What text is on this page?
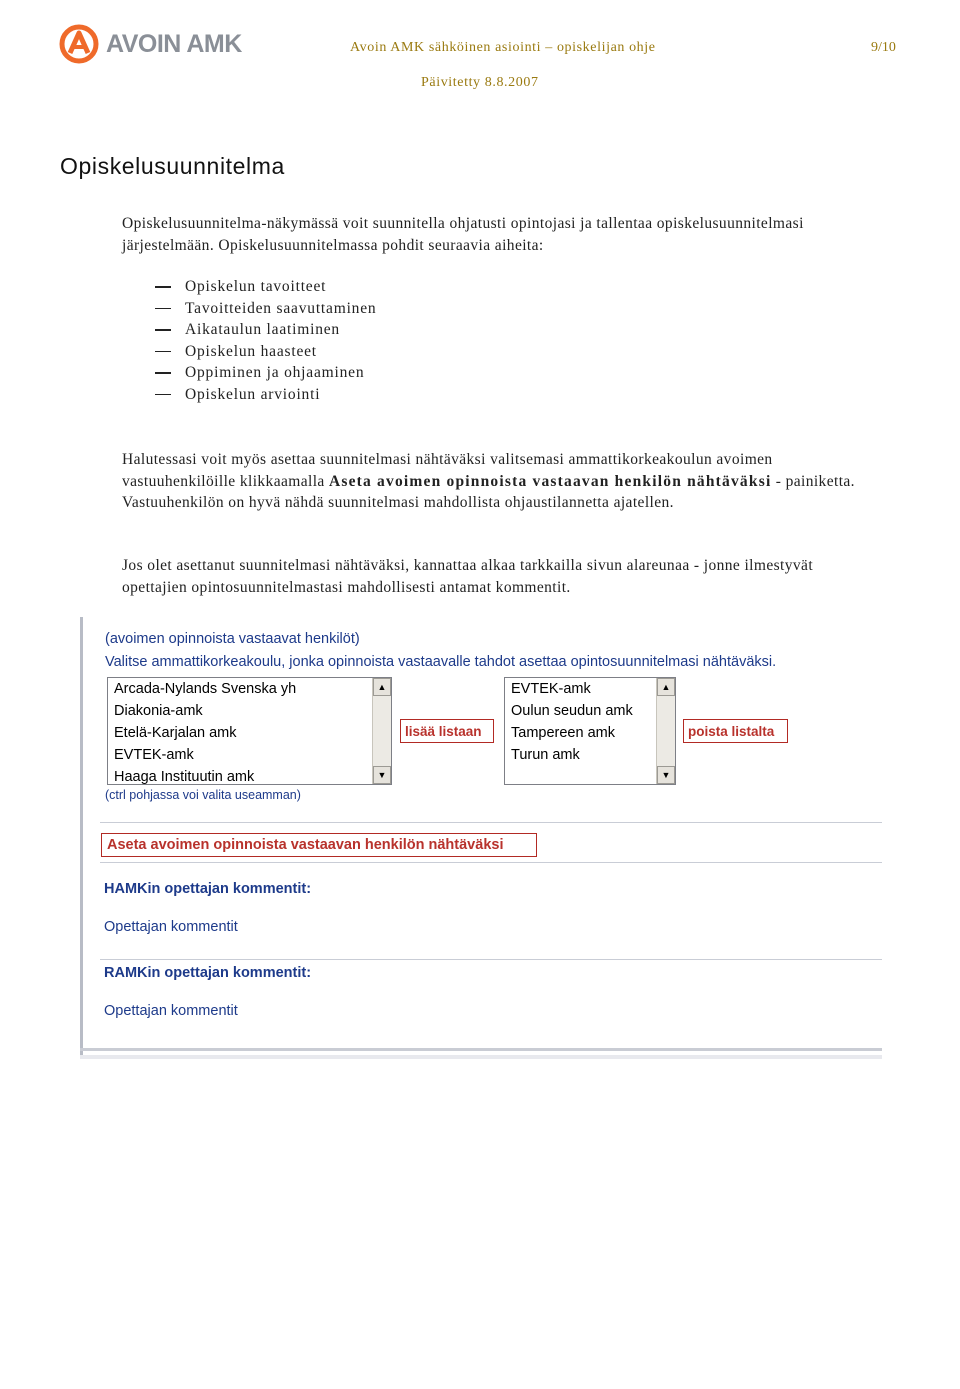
AVOIN AMK	Avoin AMK sähköinen asiointi – opiskelijan ohje	9/10
Päivitetty 8.8.2007
Opiskelusuunnitelma
Opiskelusuunnitelma-näkymässä voit suunnitella ohjatusti opintojasi ja tallentaa opiskelusuunnitelmasi järjestelmään. Opiskelusuunnitelmassa pohdit seuraavia aiheita:
Opiskelun tavoitteet
Tavoitteiden saavuttaminen
Aikataulun laatiminen
Opiskelun haasteet
Oppiminen ja ohjaaminen
Opiskelun arviointi
Halutessasi voit myös asettaa suunnitelmasi nähtäväksi valitsemasi ammattikorkeakoulun avoimen vastuuhenkilöille klikkaamalla Aseta avoimen opinnoista vastaavan henkilön nähtäväksi - painiketta. Vastuuhenkilön on hyvä nähdä suunnitelmasi mahdollista ohjaustilannetta ajatellen.
Jos olet asettanut suunnitelmasi nähtäväksi, kannattaa alkaa tarkkailla sivun alareunaa - jonne ilmestyvät opettajien opintosuunnitelmastasi mahdollisesti antamat kommentit.
(avoimen opinnoista vastaavat henkilöt)
Valitse ammattikorkeakoulu, jonka opinnoista vastaavalle tahdot asettaa opintosuunnitelmasi nähtäväksi.
Arcada-Nylands Svenska yh
Diakonia-amk
Etelä-Karjalan amk
EVTEK-amk
Haaga Instituutin amk
▲
▼
lisää listaan
EVTEK-amk
Oulun seudun amk
Tampereen amk
Turun amk
▲
▼
poista listalta
(ctrl pohjassa voi valita useamman)
Aseta avoimen opinnoista vastaavan henkilön nähtäväksi
HAMKin opettajan kommentit:
Opettajan kommentit
RAMKin opettajan kommentit:
Opettajan kommentit
